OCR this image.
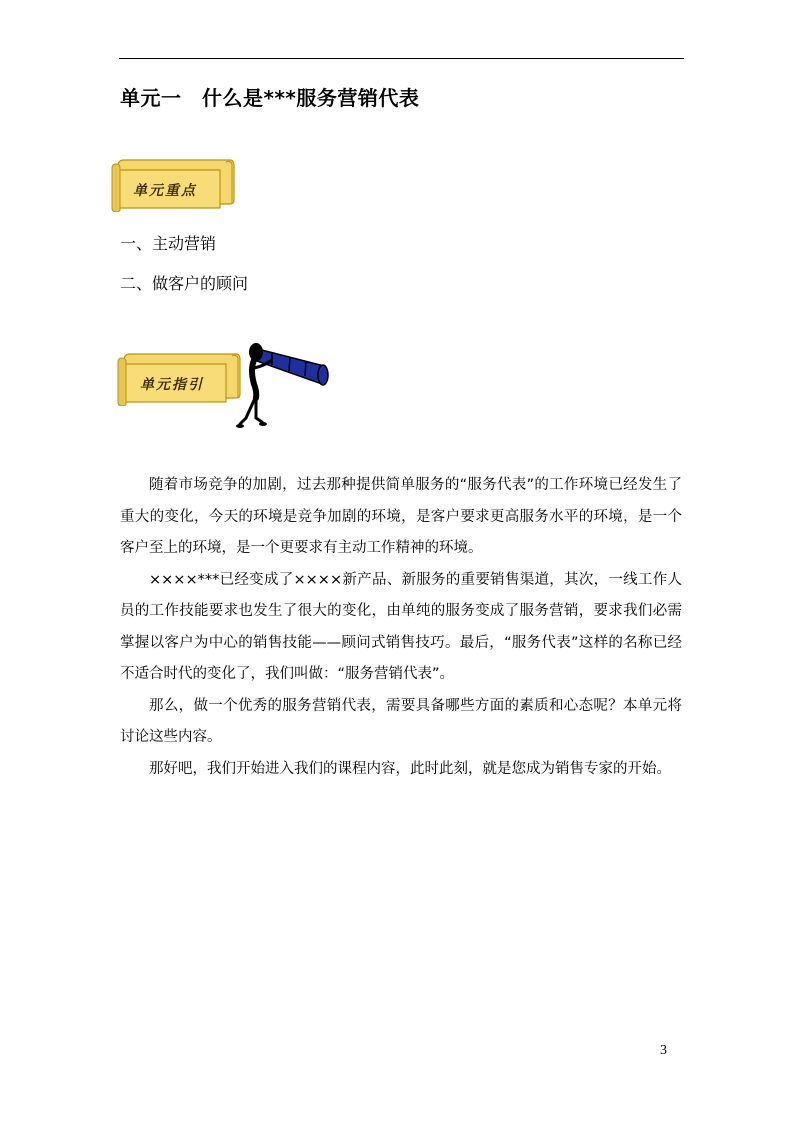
单元一　什么是***服务营销代表
单元重点
一、主动营销
二、做客户的顾问
单元指引

随着市场竞争的加剧，过去那种提供简单服务的“服务代表”的工作环境已经发生了重大的变化，今天的环境是竞争加剧的环境，是客户要求更高服务水平的环境，是一个客户至上的环境，是一个更要求有主动工作精神的环境。

××××***已经变成了××××新产品、新服务的重要销售渠道，其次，一线工作人员的工作技能要求也发生了很大的变化，由单纯的服务变成了服务营销，要求我们必需掌握以客户为中心的销售技能——顾问式销售技巧。最后，“服务代表”这样的名称已经不适合时代的变化了，我们叫做：“服务营销代表”。

那么，做一个优秀的服务营销代表，需要具备哪些方面的素质和心态呢？本单元将讨论这些内容。

那好吧，我们开始进入我们的课程内容，此时此刻，就是您成为销售专家的开始。

3
